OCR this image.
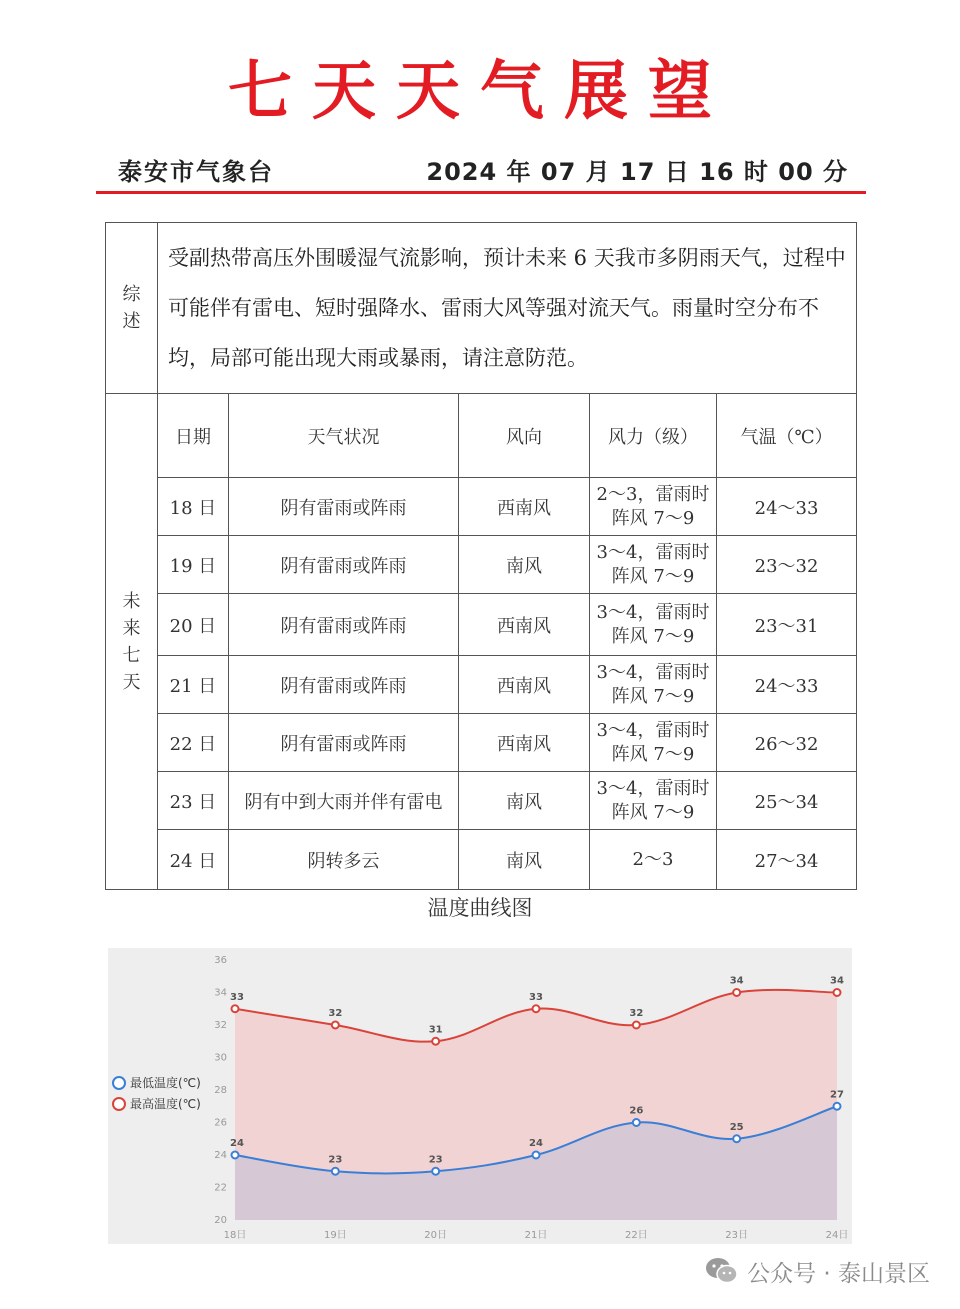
七天天气展望
泰安市气象台	2024 年 07 月 17 日 16 时 00 分
综述	受副热带高压外围暖湿气流影响，预计未来 6 天我市多阴雨天气，过程中可能伴有雷电、短时强降水、雷雨大风等强对流天气。雨量时空分布不均，局部可能出现大雨或暴雨，请注意防范。				
未来七天	日期	天气状况	风向	风力（级）	气温（℃）
	18 日	阴有雷雨或阵雨	西南风	2～3，雷雨时
阵风 7～9	24～33
	19 日	阴有雷雨或阵雨	南风	3～4，雷雨时
阵风 7～9	23～32
	20 日	阴有雷雨或阵雨	西南风	3～4，雷雨时
阵风 7～9	23～31
	21 日	阴有雷雨或阵雨	西南风	3～4，雷雨时
阵风 7～9	24～33
	22 日	阴有雷雨或阵雨	西南风	3～4，雷雨时
阵风 7～9	26～32
	23 日	阴有中到大雨并伴有雷电	南风	3～4，雷雨时
阵风 7～9	25～34
	24 日	阴转多云	南风	2～3	27～34
温度曲线图
20
22
24
26
28
30
32
34
36
18日	19日	20日	21日	22日	23日	24日
24
23	23
24
26
25
27
33
32
31
33
32
34	34
最低温度(℃)
最高温度(℃)
公众号 · 泰山景区
